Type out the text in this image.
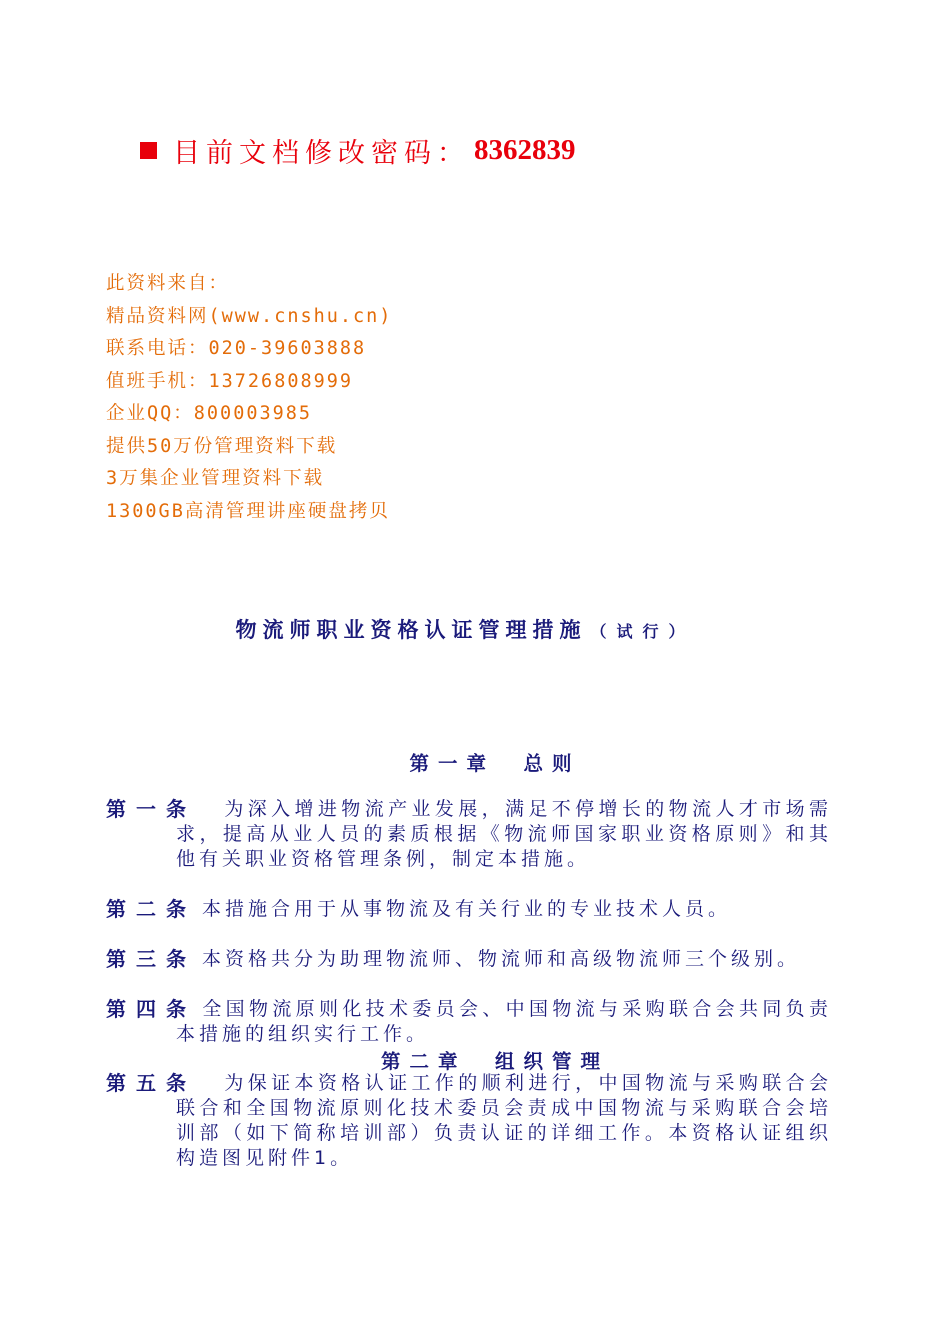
目前文档修改密码： 8362839
此资料来自：
精品资料网(www.cnshu.cn)
联系电话：020-39603888
值班手机：13726808999
企业QQ：800003985
提供50万份管理资料下载
3万集企业管理资料下载
1300GB高清管理讲座硬盘拷贝
物流师职业资格认证管理措施 （试行）
第一章　总则
第一条	为深入增进物流产业发展，满足不停增长的物流人才市场需求，提高从业人员的素质根据《物流师国家职业资格原则》和其他有关职业资格管理条例，制定本措施。
第二条 本措施合用于从事物流及有关行业的专业技术人员。
第三条 本资格共分为助理物流师、物流师和高级物流师三个级别。
第四条 全国物流原则化技术委员会、中国物流与采购联合会共同负责本措施的组织实行工作。
第二章　组织管理
第五条	为保证本资格认证工作的顺利进行，中国物流与采购联合会联合和全国物流原则化技术委员会责成中国物流与采购联合会培训部（如下简称培训部）负责认证的详细工作。本资格认证组织构造图见附件1。
